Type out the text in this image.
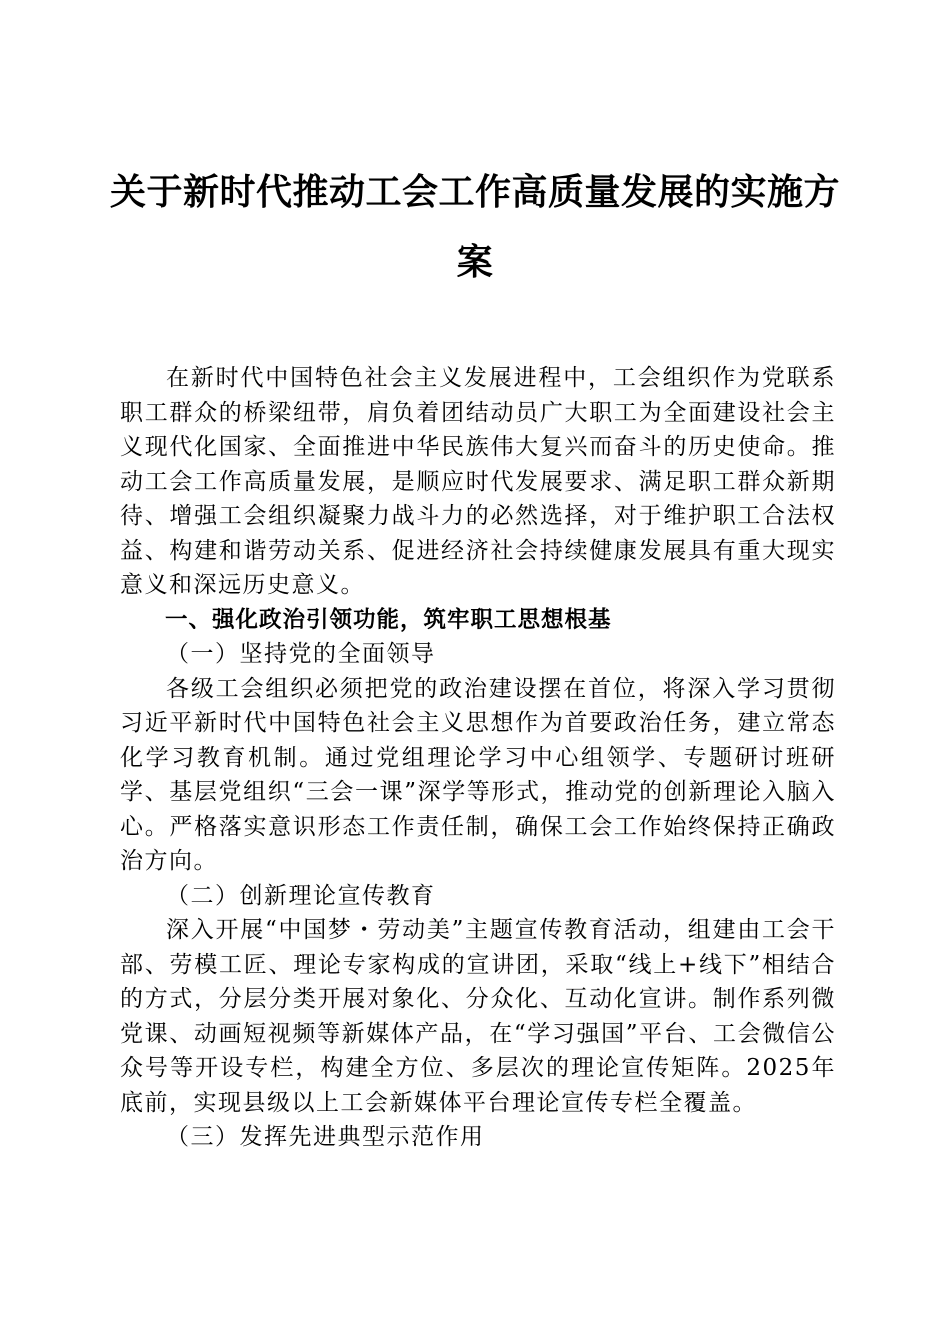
关于新时代推动工会工作高质量发展的实施方
案

在新时代中国特色社会主义发展进程中，工会组织作为党联系职工群众的桥梁纽带，肩负着团结动员广大职工为全面建设社会主义现代化国家、全面推进中华民族伟大复兴而奋斗的历史使命。推动工会工作高质量发展，是顺应时代发展要求、满足职工群众新期待、增强工会组织凝聚力战斗力的必然选择，对于维护职工合法权益、构建和谐劳动关系、促进经济社会持续健康发展具有重大现实意义和深远历史意义。

一、强化政治引领功能，筑牢职工思想根基

（一）坚持党的全面领导

各级工会组织必须把党的政治建设摆在首位，将深入学习贯彻习近平新时代中国特色社会主义思想作为首要政治任务，建立常态化学习教育机制。通过党组理论学习中心组领学、专题研讨班研学、基层党组织“三会一课”深学等形式，推动党的创新理论入脑入心。严格落实意识形态工作责任制，确保工会工作始终保持正确政治方向。

（二）创新理论宣传教育

深入开展“中国梦・劳动美”主题宣传教育活动，组建由工会干部、劳模工匠、理论专家构成的宣讲团，采取“线上+线下”相结合的方式，分层分类开展对象化、分众化、互动化宣讲。制作系列微党课、动画短视频等新媒体产品，在“学习强国”平台、工会微信公众号等开设专栏，构建全方位、多层次的理论宣传矩阵。2025年底前，实现县级以上工会新媒体平台理论宣传专栏全覆盖。

（三）发挥先进典型示范作用
